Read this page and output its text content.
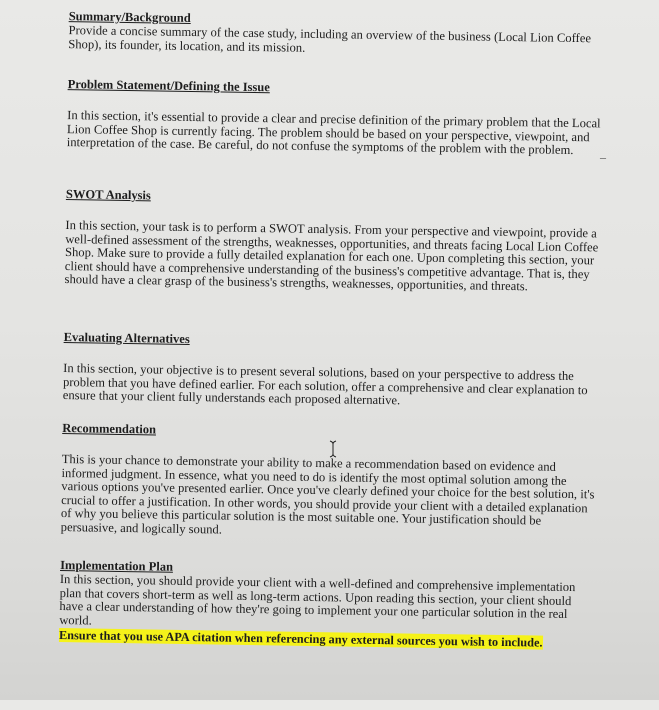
Summary/Background

Provide a concise summary of the case study, including an overview of the business (Local Lion Coffee Shop), its founder, its location, and its mission.

Problem Statement/Defining the Issue

In this section, it's essential to provide a clear and precise definition of the primary problem that the Local Lion Coffee Shop is currently facing. The problem should be based on your perspective, viewpoint, and interpretation of the case. Be careful, do not confuse the symptoms of the problem with the problem.

SWOT Analysis

In this section, your task is to perform a SWOT analysis. From your perspective and viewpoint, provide a well-defined assessment of the strengths, weaknesses, opportunities, and threats facing Local Lion Coffee Shop. Make sure to provide a fully detailed explanation for each one. Upon completing this section, your client should have a comprehensive understanding of the business's competitive advantage. That is, they should have a clear grasp of the business's strengths, weaknesses, opportunities, and threats.

Evaluating Alternatives

In this section, your objective is to present several solutions, based on your perspective to address the problem that you have defined earlier. For each solution, offer a comprehensive and clear explanation to ensure that your client fully understands each proposed alternative.

Recommendation

This is your chance to demonstrate your ability to make a recommendation based on evidence and informed judgment. In essence, what you need to do is identify the most optimal solution among the various options you've presented earlier. Once you've clearly defined your choice for the best solution, it's crucial to offer a justification. In other words, you should provide your client with a detailed explanation of why you believe this particular solution is the most suitable one. Your justification should be persuasive, and logically sound.

Implementation Plan

In this section, you should provide your client with a well-defined and comprehensive implementation plan that covers short-term as well as long-term actions. Upon reading this section, your client should have a clear understanding of how they're going to implement your one particular solution in the real world.

Ensure that you use APA citation when referencing any external sources you wish to include.
–
